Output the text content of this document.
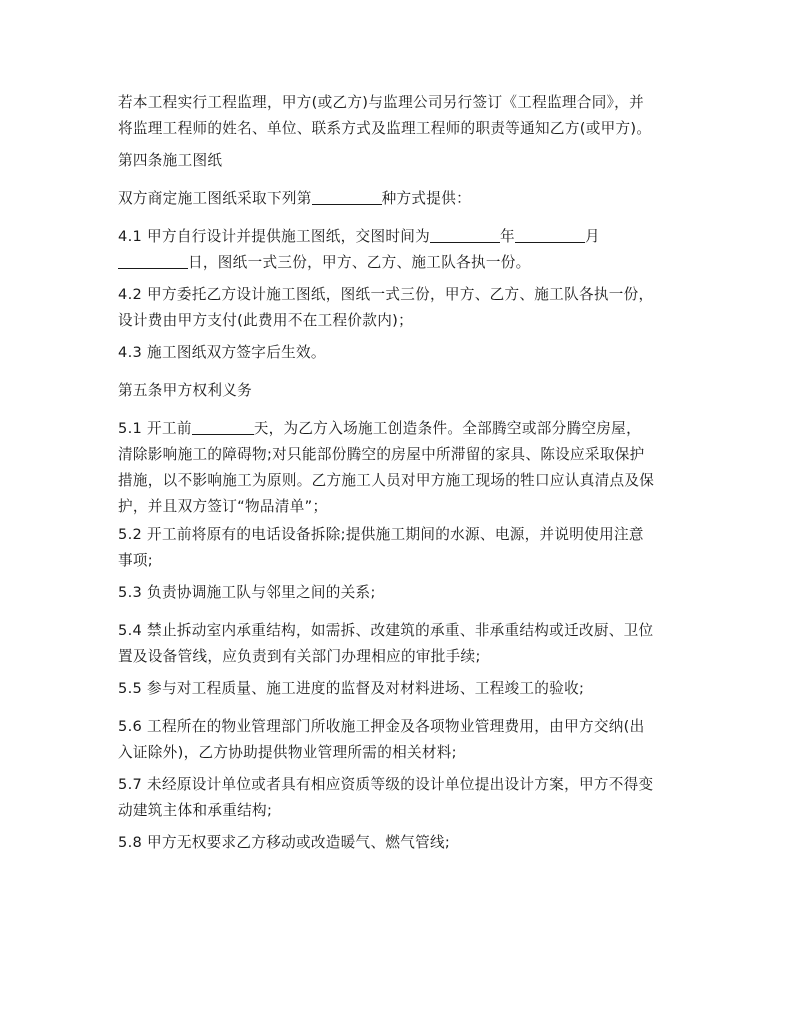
若本工程实行工程监理，甲方(或乙方)与监理公司另行签订《工程监理合同》，并
将监理工程师的姓名、单位、联系方式及监理工程师的职责等通知乙方(或甲方)。
第四条施工图纸
双方商定施工图纸采取下列第	种方式提供：
4.1 甲方自行设计并提供施工图纸，交图时间为	年	月
日，图纸一式三份，甲方、乙方、施工队各执一份。
4.2 甲方委托乙方设计施工图纸，图纸一式三份，甲方、乙方、施工队各执一份，
设计费由甲方支付(此费用不在工程价款内)；
4.3 施工图纸双方签字后生效。
第五条甲方权利义务
5.1 开工前	天，为乙方入场施工创造条件。全部腾空或部分腾空房屋，
清除影响施工的障碍物;对只能部份腾空的房屋中所滞留的家具、陈设应采取保护
措施，以不影响施工为原则。乙方施工人员对甲方施工现场的牲口应认真清点及保
护，并且双方签订“物品清单”；
5.2 开工前将原有的电话设备拆除;提供施工期间的水源、电源，并说明使用注意
事项;
5.3 负责协调施工队与邻里之间的关系;
5.4 禁止拆动室内承重结构，如需拆、改建筑的承重、非承重结构或迁改厨、卫位
置及设备管线，应负责到有关部门办理相应的审批手续;
5.5 参与对工程质量、施工进度的监督及对材料进场、工程竣工的验收;
5.6 工程所在的物业管理部门所收施工押金及各项物业管理费用，由甲方交纳(出
入证除外)，乙方协助提供物业管理所需的相关材料;
5.7 未经原设计单位或者具有相应资质等级的设计单位提出设计方案，甲方不得变
动建筑主体和承重结构;
5.8 甲方无权要求乙方移动或改造暖气、燃气管线;
